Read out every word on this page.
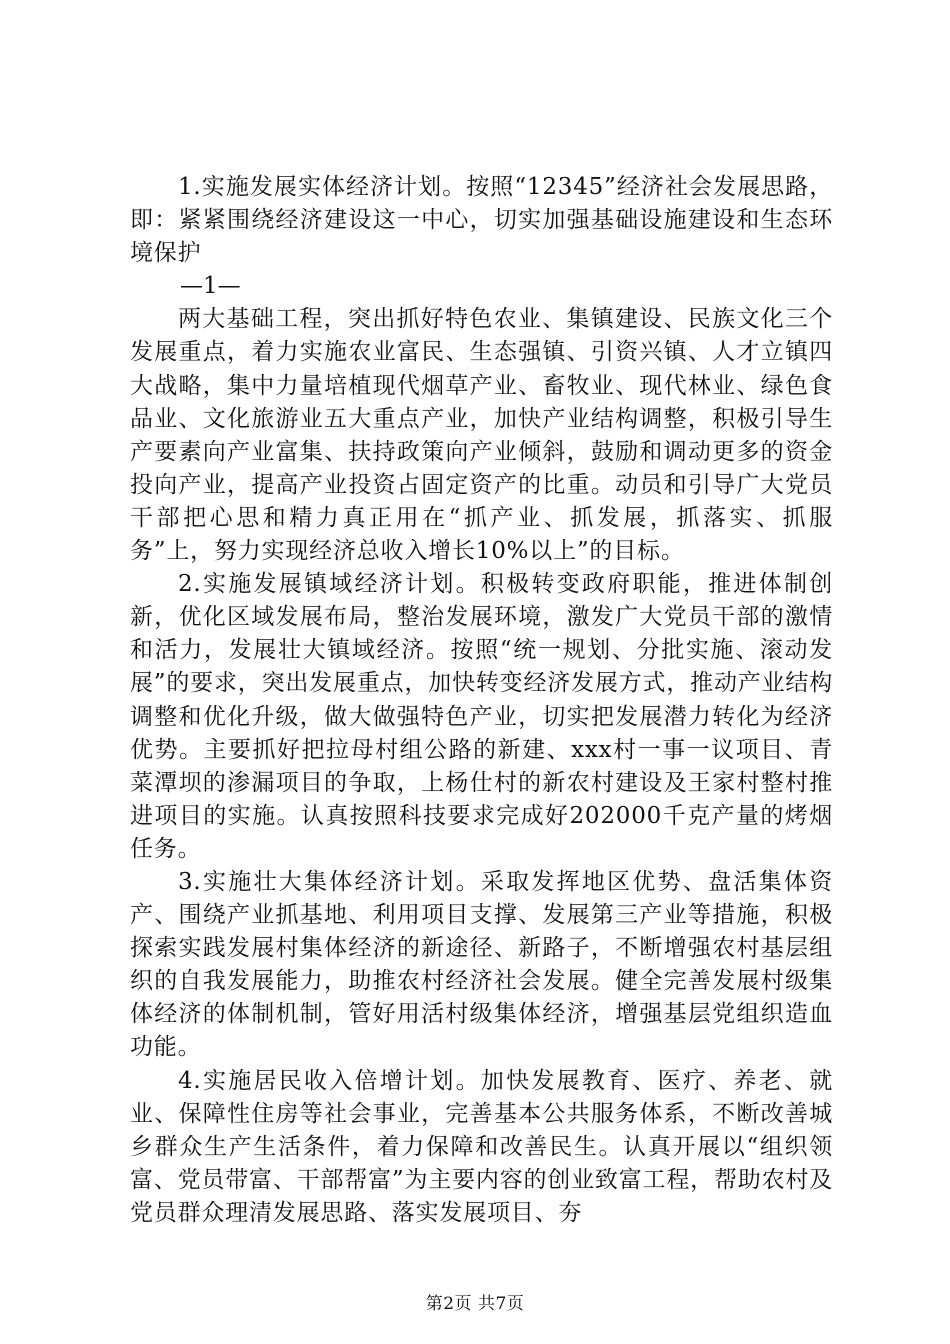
1.实施发展实体经济计划。按照“12345”经济社会发展思路，即：紧紧围绕经济建设这一中心，切实加强基础设施建设和生态环境保护

—1—

两大基础工程，突出抓好特色农业、集镇建设、民族文化三个发展重点，着力实施农业富民、生态强镇、引资兴镇、人才立镇四大战略，集中力量培植现代烟草产业、畜牧业、现代林业、绿色食品业、文化旅游业五大重点产业，加快产业结构调整，积极引导生产要素向产业富集、扶持政策向产业倾斜，鼓励和调动更多的资金投向产业，提高产业投资占固定资产的比重。动员和引导广大党员干部把心思和精力真正用在“抓产业、抓发展，抓落实、抓服务”上，努力实现经济总收入增长10%以上”的目标。

2.实施发展镇域经济计划。积极转变政府职能，推进体制创新，优化区域发展布局，整治发展环境，激发广大党员干部的激情和活力，发展壮大镇域经济。按照“统一规划、分批实施、滚动发展”的要求，突出发展重点，加快转变经济发展方式，推动产业结构调整和优化升级，做大做强特色产业，切实把发展潜力转化为经济优势。主要抓好把拉母村组公路的新建、xxx村一事一议项目、青菜潭坝的渗漏项目的争取，上杨仕村的新农村建设及王家村整村推进项目的实施。认真按照科技要求完成好202000千克产量的烤烟任务。

3.实施壮大集体经济计划。采取发挥地区优势、盘活集体资产、围绕产业抓基地、利用项目支撑、发展第三产业等措施，积极探索实践发展村集体经济的新途径、新路子，不断增强农村基层组织的自我发展能力，助推农村经济社会发展。健全完善发展村级集体经济的体制机制，管好用活村级集体经济，增强基层党组织造血功能。

4.实施居民收入倍增计划。加快发展教育、医疗、养老、就业、保障性住房等社会事业，完善基本公共服务体系，不断改善城乡群众生产生活条件，着力保障和改善民生。认真开展以“组织领富、党员带富、干部帮富”为主要内容的创业致富工程，帮助农村及党员群众理清发展思路、落实发展项目、夯

第2页 共7页
